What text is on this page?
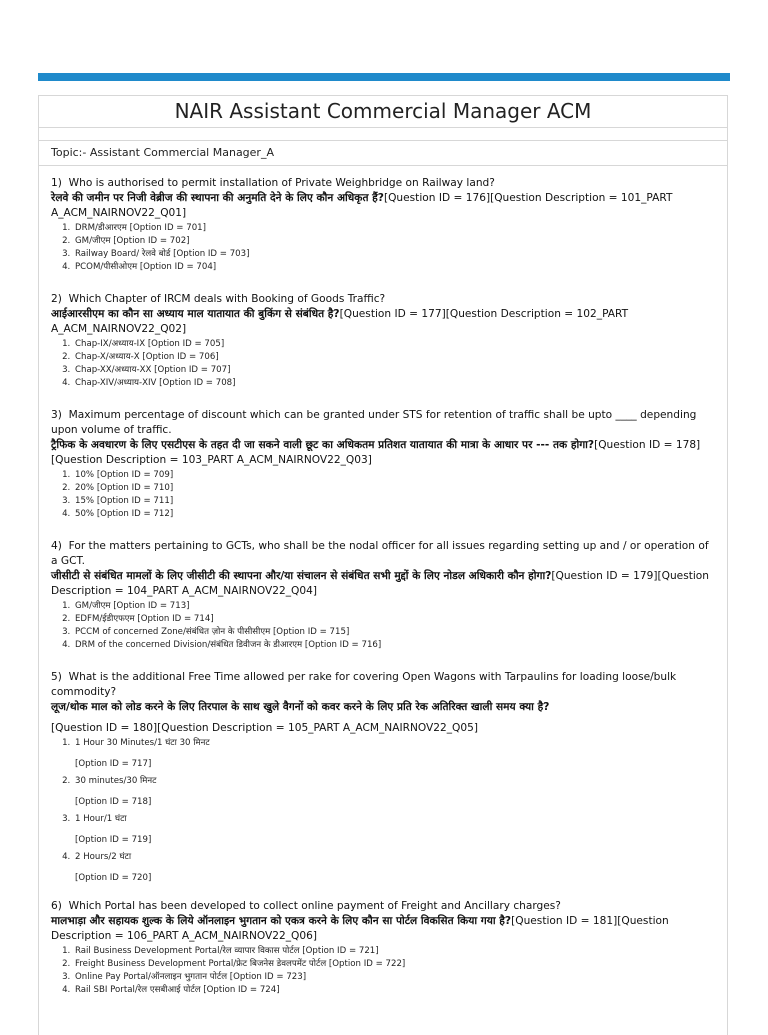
NAIR Assistant Commercial Manager ACM
Topic:- Assistant Commercial Manager_A
1) Who is authorised to permit installation of Private Weighbridge on Railway land?
रेलवे की जमीन पर निजी वेब्रीज की स्थापना की अनुमति देने के लिए कौन अधिकृत हैं?[Question ID = 176][Question Description = 101_PART A_ACM_NAIRNOV22_Q01]
1. DRM/डीआरएम [Option ID = 701]
2. GM/जीएम [Option ID = 702]
3. Railway Board/ रेलवे बोर्ड [Option ID = 703]
4. PCOM/पीसीओएम [Option ID = 704]
2) Which Chapter of IRCM deals with Booking of Goods Traffic?
आईआरसीएम का कौन सा अध्याय माल यातायात की बुकिंग से संबंधित है?[Question ID = 177][Question Description = 102_PART A_ACM_NAIRNOV22_Q02]
1. Chap-IX/अध्याय-IX [Option ID = 705]
2. Chap-X/अध्याय-X [Option ID = 706]
3. Chap-XX/अध्याय-XX [Option ID = 707]
4. Chap-XIV/अध्याय-XIV [Option ID = 708]
3) Maximum percentage of discount which can be granted under STS for retention of traffic shall be upto ____ depending upon volume of traffic.
ट्रैफिक के अवधारण के लिए एसटीएस के तहत दी जा सकने वाली छूट का अधिकतम प्रतिशत यातायात की मात्रा के आधार पर --- तक होगा?[Question ID = 178][Question Description = 103_PART A_ACM_NAIRNOV22_Q03]
1. 10% [Option ID = 709]
2. 20% [Option ID = 710]
3. 15% [Option ID = 711]
4. 50% [Option ID = 712]
4) For the matters pertaining to GCTs, who shall be the nodal officer for all issues regarding setting up and / or operation of a GCT.
जीसीटी से संबंधित मामलों के लिए जीसीटी की स्थापना और/या संचालन से संबंधित सभी मुद्दों के लिए नोडल अधिकारी कौन होगा?[Question ID = 179][Question Description = 104_PART A_ACM_NAIRNOV22_Q04]
1. GM/जीएम [Option ID = 713]
2. EDFM/ईडीएफएम [Option ID = 714]
3. PCCM of concerned Zone/संबंधित ज़ोन के पीसीसीएम [Option ID = 715]
4. DRM of the concerned Division/संबंधित डिवीजन के डीआरएम [Option ID = 716]
5) What is the additional Free Time allowed per rake for covering Open Wagons with Tarpaulins for loading loose/bulk commodity?
लूज/थोक माल को लोड करने के लिए तिरपाल के साथ खुले वैगनों को कवर करने के लिए प्रति रेक अतिरिक्त खाली समय क्या है?
[Question ID = 180][Question Description = 105_PART A_ACM_NAIRNOV22_Q05]
1. 1 Hour 30 Minutes/1 घंटा 30 मिनट
[Option ID = 717]
2. 30 minutes/30 मिनट
[Option ID = 718]
3. 1 Hour/1 घंटा
[Option ID = 719]
4. 2 Hours/2 घंटा
[Option ID = 720]
6) Which Portal has been developed to collect online payment of Freight and Ancillary charges?
मालभाड़ा और सहायक शुल्क के लिये ऑनलाइन भुगतान को एकत्र करने के लिए कौन सा पोर्टल विकसित किया गया है?[Question ID = 181][Question Description = 106_PART A_ACM_NAIRNOV22_Q06]
1. Rail Business Development Portal/रेल व्यापार विकास पोर्टल [Option ID = 721]
2. Freight Business Development Portal/फ्रेट बिजनेस डेवलपमेंट पोर्टल [Option ID = 722]
3. Online Pay Portal/ऑनलाइन भुगतान पोर्टल [Option ID = 723]
4. Rail SBI Portal/रेल एसबीआई पोर्टल [Option ID = 724]
